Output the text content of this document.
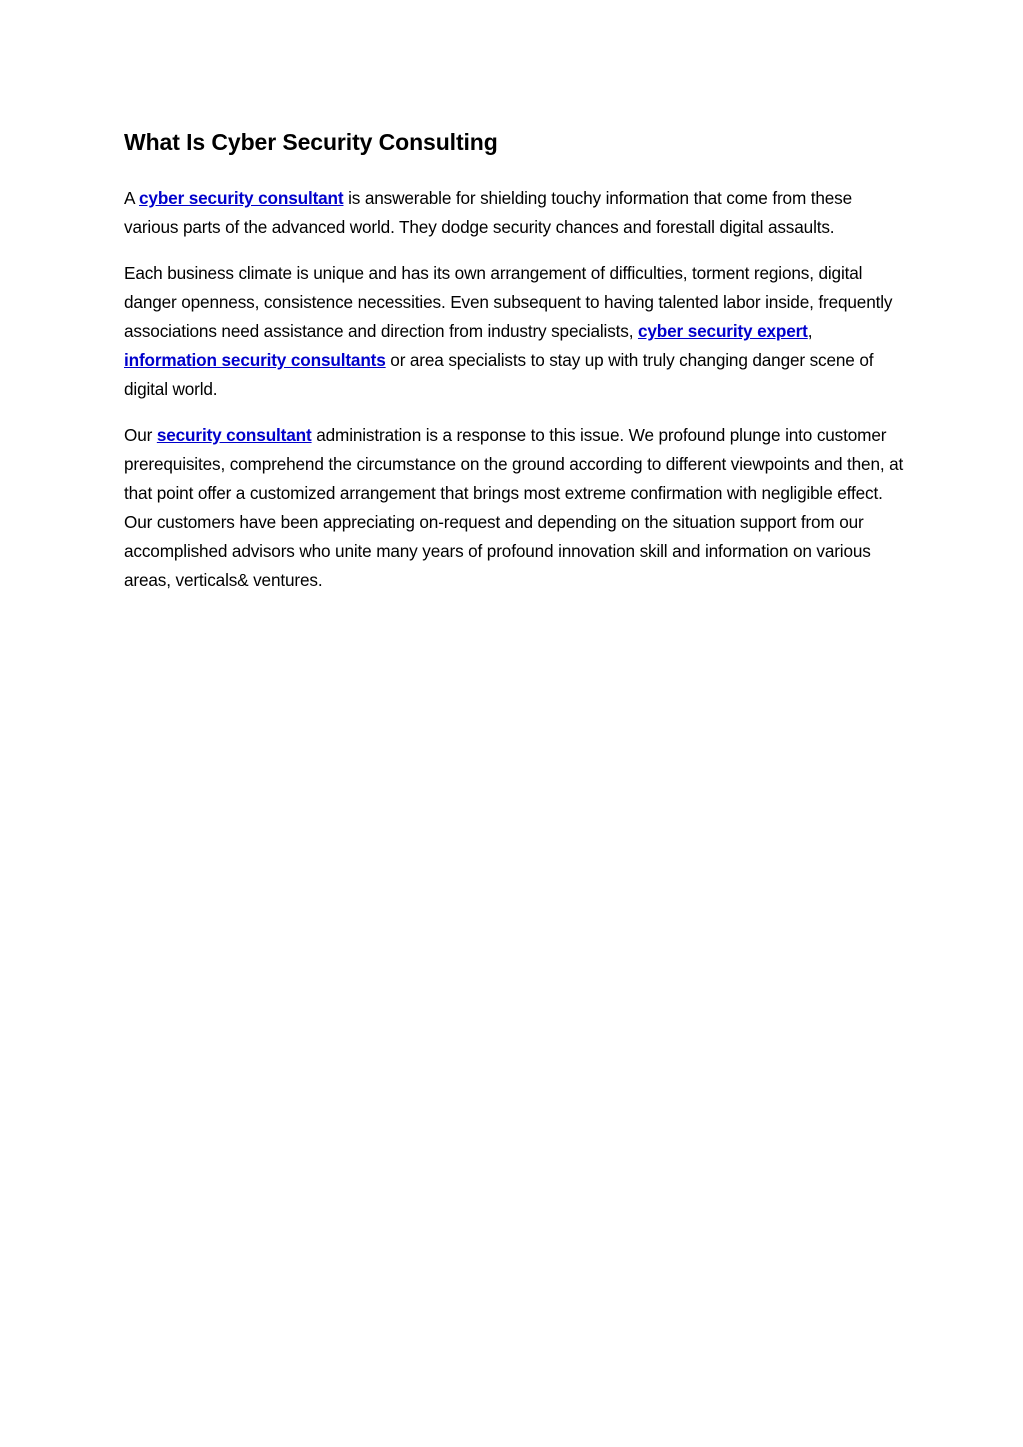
What Is Cyber Security Consulting

A cyber security consultant is answerable for shielding touchy information that come from these various parts of the advanced world. They dodge security chances and forestall digital assaults.

Each business climate is unique and has its own arrangement of difficulties, torment regions, digital danger openness, consistence necessities. Even subsequent to having talented labor inside, frequently associations need assistance and direction from industry specialists, cyber security expert, information security consultants or area specialists to stay up with truly changing danger scene of digital world.

Our security consultant administration is a response to this issue. We profound plunge into customer prerequisites, comprehend the circumstance on the ground according to different viewpoints and then, at that point offer a customized arrangement that brings most extreme confirmation with negligible effect. Our customers have been appreciating on-request and depending on the situation support from our accomplished advisors who unite many years of profound innovation skill and information on various areas, verticals& ventures.
